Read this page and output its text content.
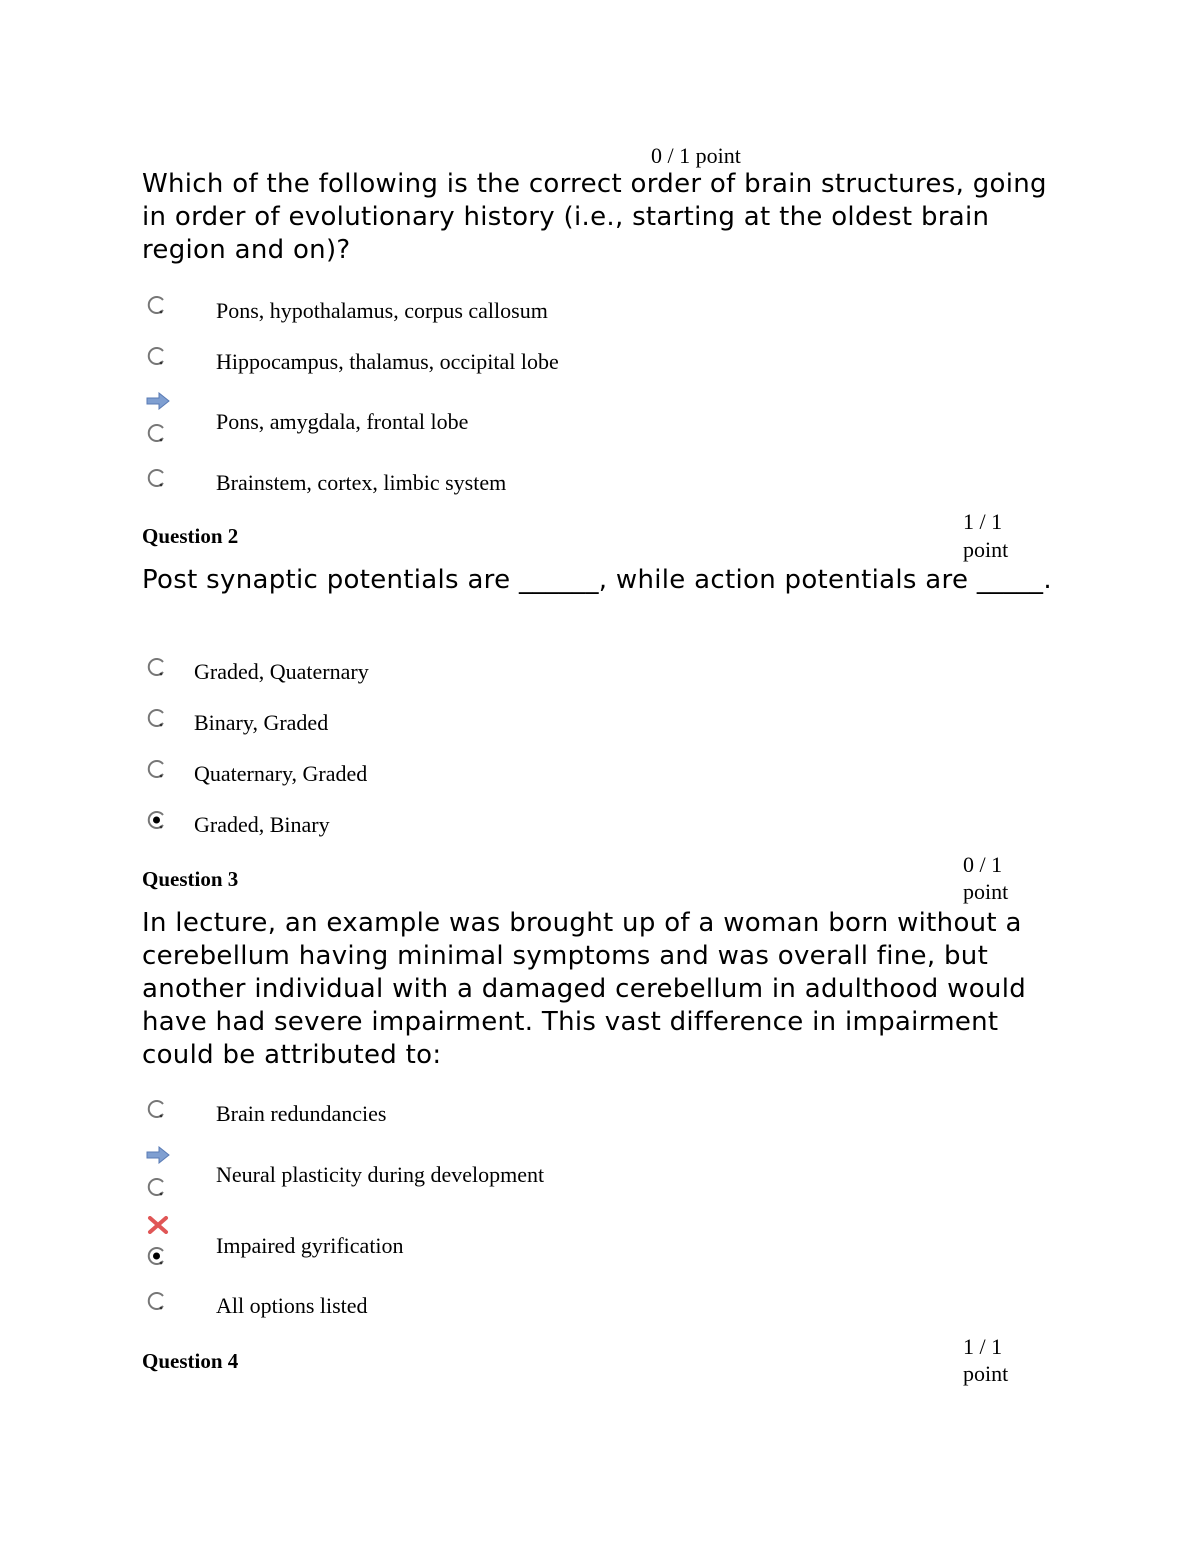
0 / 1 point

Which of the following is the correct order of brain structures, going in order of evolutionary history (i.e., starting at the oldest brain region and on)?

Pons, hypothalamus, corpus callosum
Hippocampus, thalamus, occipital lobe
Pons, amygdala, frontal lobe
Brainstem, cortex, limbic system
Question 2
1 / 1
point

Post synaptic potentials are ______, while action potentials are _____.

Graded, Quaternary
Binary, Graded
Quaternary, Graded
Graded, Binary
Question 3
0 / 1
point

In lecture, an example was brought up of a woman born without a cerebellum having minimal symptoms and was overall fine, but another individual with a damaged cerebellum in adulthood would have had severe impairment. This vast difference in impairment could be attributed to:

Brain redundancies
Neural plasticity during development
Impaired gyrification
All options listed
Question 4
1 / 1
point
